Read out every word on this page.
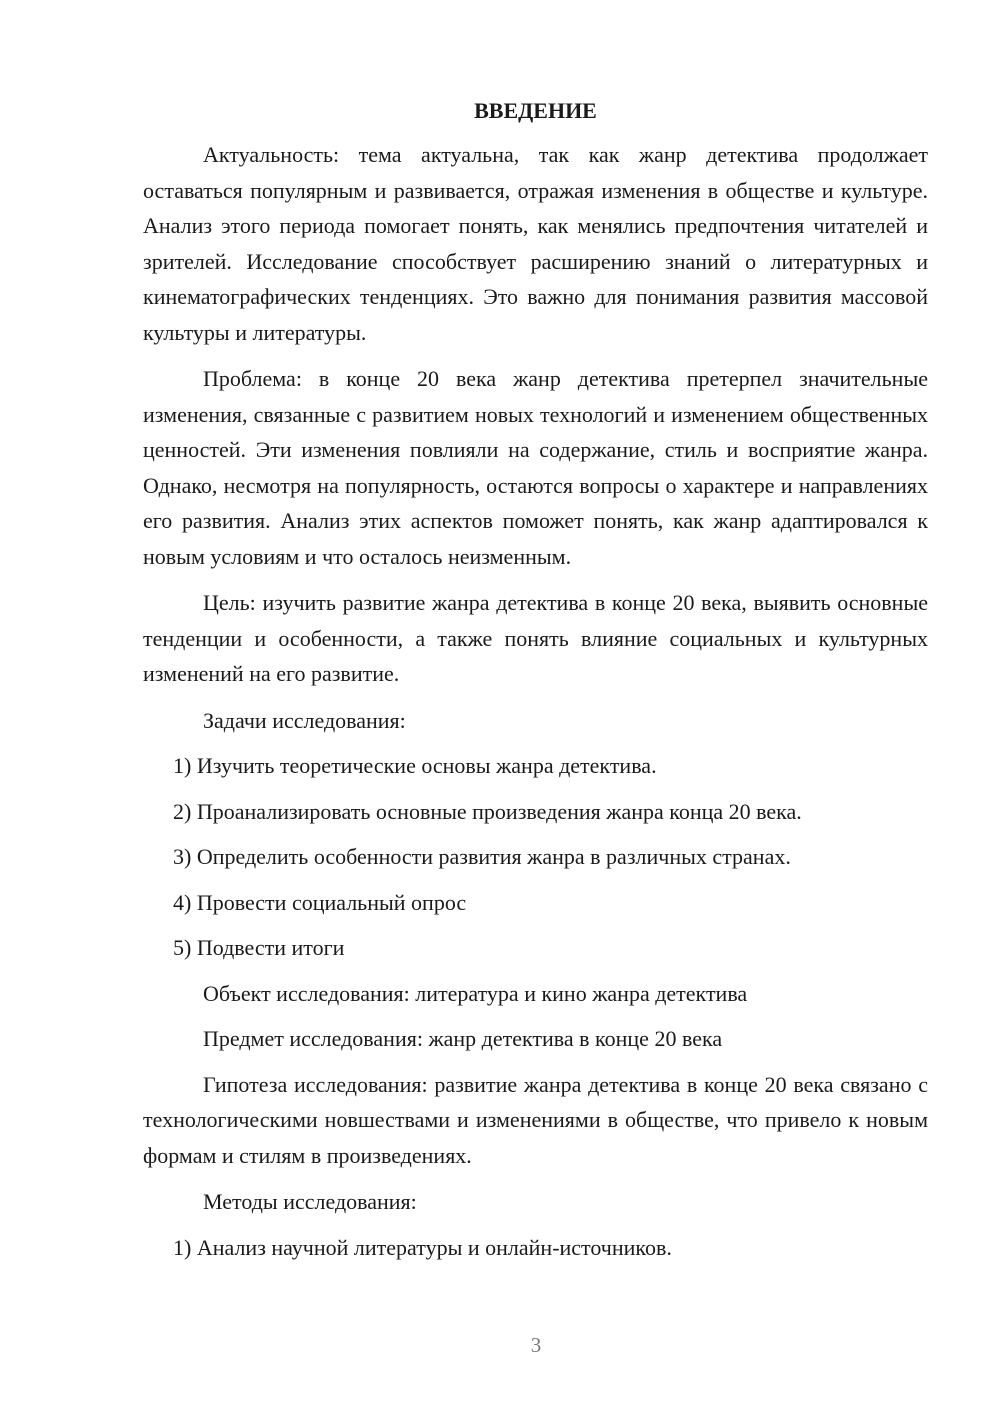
ВВЕДЕНИЕ

Актуальность: тема актуальна, так как жанр детектива продолжает оставаться популярным и развивается, отражая изменения в обществе и культуре. Анализ этого периода помогает понять, как менялись предпочтения читателей и зрителей. Исследование способствует расширению знаний о литературных и кинематографических тенденциях. Это важно для понимания развития массовой культуры и литературы.

Проблема: в конце 20 века жанр детектива претерпел значительные изменения, связанные с развитием новых технологий и изменением общественных ценностей. Эти изменения повлияли на содержание, стиль и восприятие жанра. Однако, несмотря на популярность, остаются вопросы о характере и направлениях его развития. Анализ этих аспектов поможет понять, как жанр адаптировался к новым условиям и что осталось неизменным.

Цель: изучить развитие жанра детектива в конце 20 века, выявить основные тенденции и особенности, а также понять влияние социальных и культурных изменений на его развитие.

Задачи исследования:
1) Изучить теоретические основы жанра детектива.
2) Проанализировать основные произведения жанра конца 20 века.
3) Определить особенности развития жанра в различных странах.
4) Провести социальный опрос
5) Подвести итоги
Объект исследования: литература и кино жанра детектива
Предмет исследования: жанр детектива в конце 20 века

Гипотеза исследования: развитие жанра детектива в конце 20 века связано с технологическими новшествами и изменениями в обществе, что привело к новым формам и стилям в произведениях.

Методы исследования:
1) Анализ научной литературы и онлайн-источников.
3
